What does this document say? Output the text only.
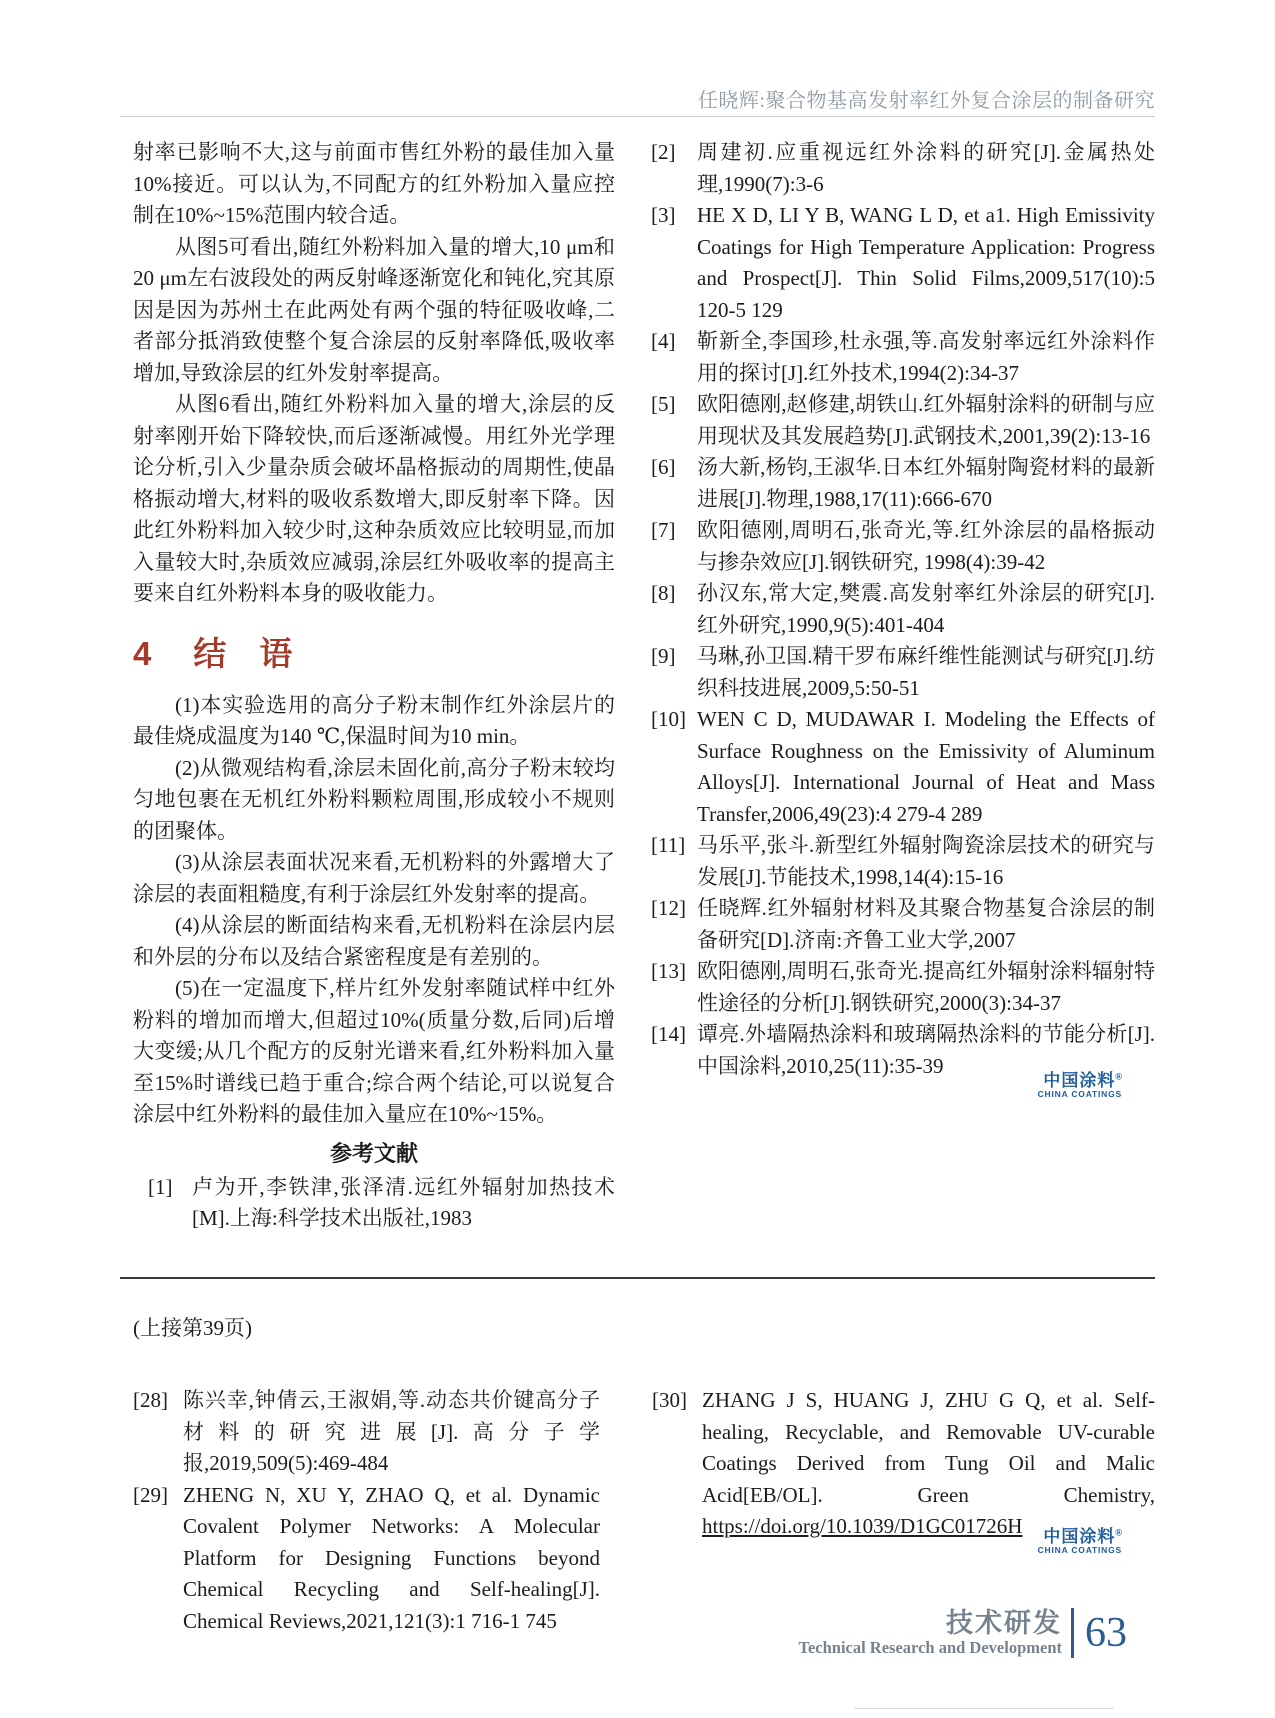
任晓辉:聚合物基高发射率红外复合涂层的制备研究

射率已影响不大,这与前面市售红外粉的最佳加入量10%接近。可以认为,不同配方的红外粉加入量应控制在10%~15%范围内较合适。

从图5可看出,随红外粉料加入量的增大,10 μm和20 μm左右波段处的两反射峰逐渐宽化和钝化,究其原因是因为苏州土在此两处有两个强的特征吸收峰,二者部分抵消致使整个复合涂层的反射率降低,吸收率增加,导致涂层的红外发射率提高。

从图6看出,随红外粉料加入量的增大,涂层的反射率刚开始下降较快,而后逐渐减慢。用红外光学理论分析,引入少量杂质会破坏晶格振动的周期性,使晶格振动增大,材料的吸收系数增大,即反射率下降。因此红外粉料加入较少时,这种杂质效应比较明显,而加入量较大时,杂质效应减弱,涂层红外吸收率的提高主要来自红外粉料本身的吸收能力。

4 结　语

(1)本实验选用的高分子粉末制作红外涂层片的最佳烧成温度为140 ℃,保温时间为10 min。

(2)从微观结构看,涂层未固化前,高分子粉末较均匀地包裹在无机红外粉料颗粒周围,形成较小不规则的团聚体。

(3)从涂层表面状况来看,无机粉料的外露增大了涂层的表面粗糙度,有利于涂层红外发射率的提高。

(4)从涂层的断面结构来看,无机粉料在涂层内层和外层的分布以及结合紧密程度是有差别的。

(5)在一定温度下,样片红外发射率随试样中红外粉料的增加而增大,但超过10%(质量分数,后同)后增大变缓;从几个配方的反射光谱来看,红外粉料加入量至15%时谱线已趋于重合;综合两个结论,可以说复合涂层中红外粉料的最佳加入量应在10%~15%。

参考文献
[1] 卢为开,李铁津,张泽清.远红外辐射加热技术[M].上海:科学技术出版社,1983
[2] 周建初.应重视远红外涂料的研究[J].金属热处理,1990(7):3-6
[3] HE X D, LI Y B, WANG L D, et a1. High Emissivity Coatings for High Temperature Application: Progress and Prospect[J]. Thin Solid Films,2009,517(10):5 120-5 129
[4] 靳新全,李国珍,杜永强,等.高发射率远红外涂料作用的探讨[J].红外技术,1994(2):34-37
[5] 欧阳德刚,赵修建,胡铁山.红外辐射涂料的研制与应用现状及其发展趋势[J].武钢技术,2001,39(2):13-16
[6] 汤大新,杨钧,王淑华.日本红外辐射陶瓷材料的最新进展[J].物理,1988,17(11):666-670
[7] 欧阳德刚,周明石,张奇光,等.红外涂层的晶格振动与掺杂效应[J].钢铁研究, 1998(4):39-42
[8] 孙汉东,常大定,樊震.高发射率红外涂层的研究[J].红外研究,1990,9(5):401-404
[9] 马琳,孙卫国.精干罗布麻纤维性能测试与研究[J].纺织科技进展,2009,5:50-51
[10] WEN C D, MUDAWAR I. Modeling the Effects of Surface Roughness on the Emissivity of Aluminum Alloys[J]. International Journal of Heat and Mass Transfer,2006,49(23):4 279-4 289
[11] 马乐平,张斗.新型红外辐射陶瓷涂层技术的研究与发展[J].节能技术,1998,14(4):15-16
[12] 任晓辉.红外辐射材料及其聚合物基复合涂层的制备研究[D].济南:齐鲁工业大学,2007
[13] 欧阳德刚,周明石,张奇光.提高红外辐射涂料辐射特性途径的分析[J].钢铁研究,2000(3):34-37
[14] 谭亮.外墙隔热涂料和玻璃隔热涂料的节能分析[J].中国涂料,2010,25(11):35-39
中国涂料®
CHINA COATINGS
(上接第39页)
[28] 陈兴幸,钟倩云,王淑娟,等.动态共价键高分子材料的研究进展[J].高分子学报,2019,509(5):469-484
[29] ZHENG N, XU Y, ZHAO Q, et al. Dynamic Covalent Polymer Networks: A Molecular Platform for Designing Functions beyond Chemical Recycling and Self-healing[J]. Chemical Reviews,2021,121(3):1 716-1 745
[30] ZHANG J S, HUANG J, ZHU G Q, et al. Self-healing, Recyclable, and Removable UV-curable Coatings Derived from Tung Oil and Malic Acid[EB/OL]. Green Chemistry, https://doi.org/10.1039/D1GC01726H	中国涂料®
CHINA COATINGS
技术研发
Technical Research and Development 63
